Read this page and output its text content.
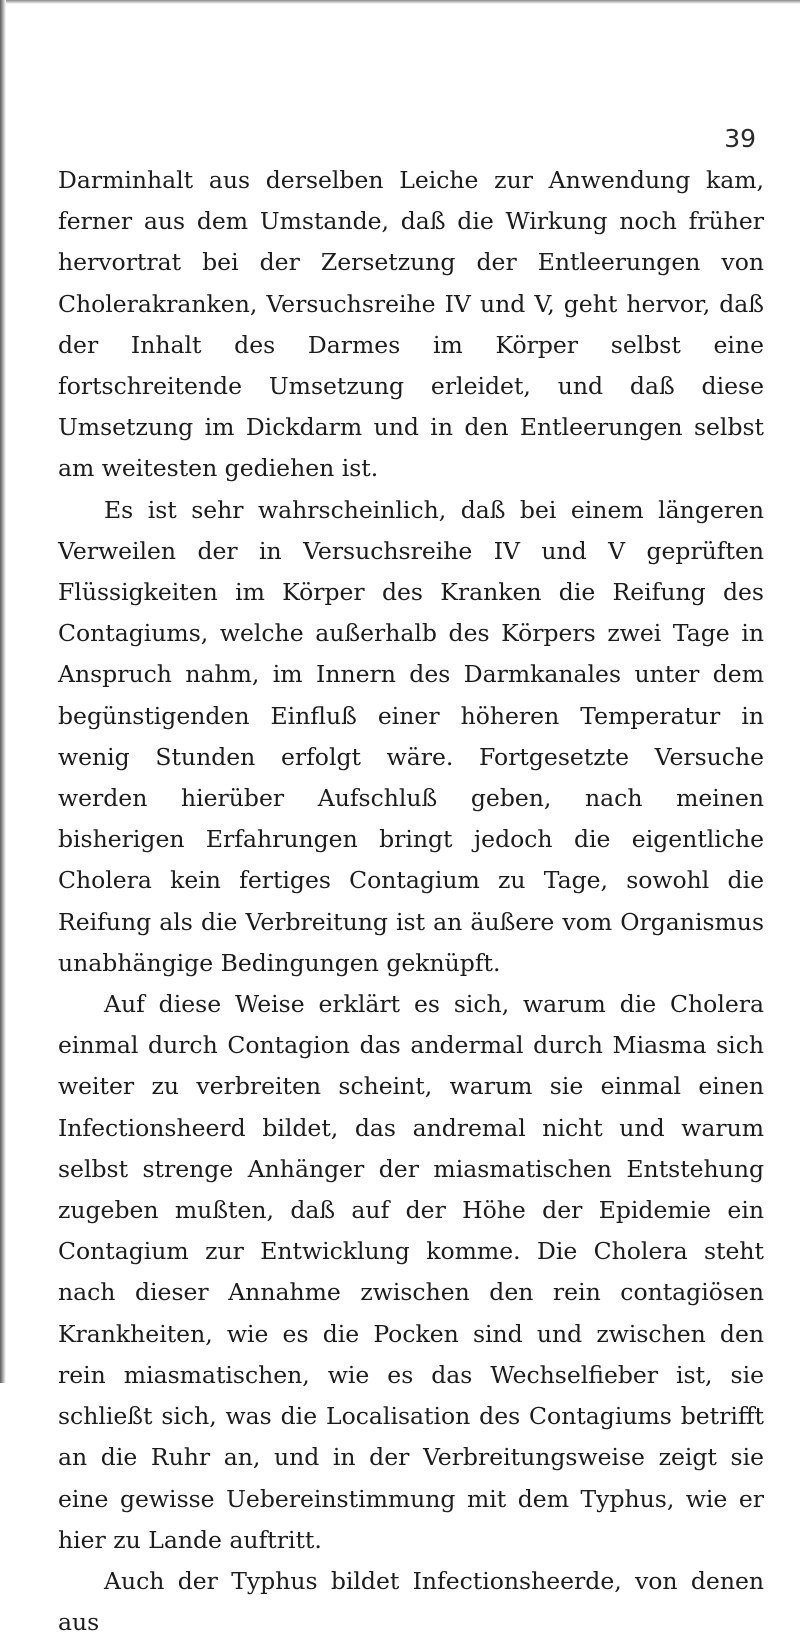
39

Darminhalt aus derselben Leiche zur Anwendung kam, ferner aus dem Umstande, daß die Wirkung noch früher hervortrat bei der Zersetzung der Entleerungen von Cholerakranken, Versuchsreihe IV und V, geht hervor, daß der Inhalt des Darmes im Körper selbst eine fortschreitende Umsetzung erleidet, und daß diese Umsetzung im Dickdarm und in den Entleerungen selbst am weitesten gediehen ist.

Es ist sehr wahrscheinlich, daß bei einem längeren Verweilen der in Versuchsreihe IV und V geprüften Flüssigkeiten im Körper des Kranken die Reifung des Contagiums, welche außerhalb des Körpers zwei Tage in Anspruch nahm, im Innern des Darmkanales unter dem begünstigenden Einfluß einer höheren Temperatur in wenig Stunden erfolgt wäre. Fortgesetzte Versuche werden hierüber Aufschluß geben, nach meinen bisherigen Erfahrungen bringt jedoch die eigentliche Cholera kein fertiges Contagium zu Tage, sowohl die Reifung als die Verbreitung ist an äußere vom Organismus unabhängige Bedingungen geknüpft.

Auf diese Weise erklärt es sich, warum die Cholera einmal durch Contagion das andermal durch Miasma sich weiter zu verbreiten scheint, warum sie einmal einen Infectionsheerd bildet, das andremal nicht und warum selbst strenge Anhänger der miasmatischen Entstehung zugeben mußten, daß auf der Höhe der Epidemie ein Contagium zur Entwicklung komme. Die Cholera steht nach dieser Annahme zwischen den rein contagiösen Krankheiten, wie es die Pocken sind und zwischen den rein miasmatischen, wie es das Wechselfieber ist, sie schließt sich, was die Localisation des Contagiums betrifft an die Ruhr an, und in der Verbreitungsweise zeigt sie eine gewisse Uebereinstimmung mit dem Typhus, wie er hier zu Lande auftritt.

Auch der Typhus bildet Infectionsheerde, von denen aus
